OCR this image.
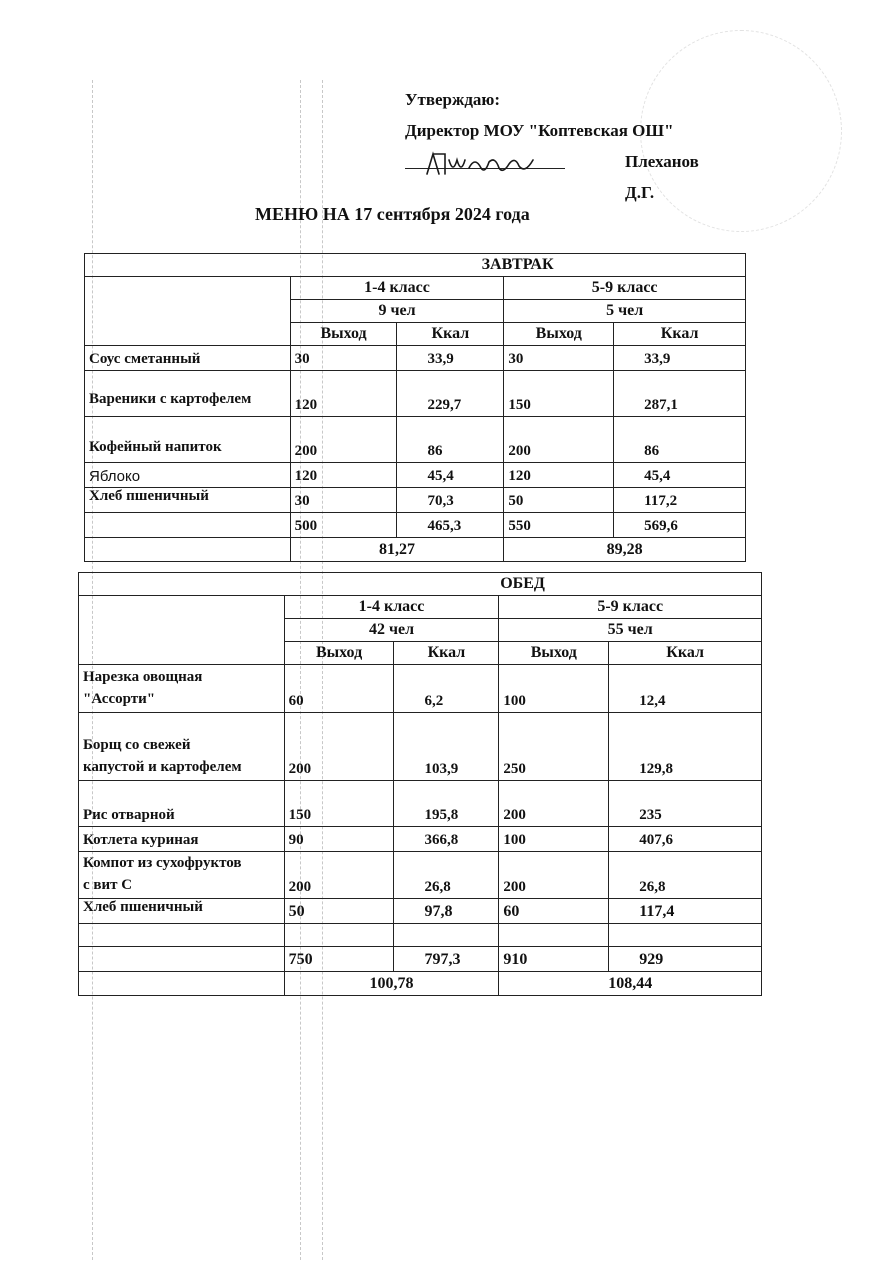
Утверждаю:
Директор МОУ "Коптевская ОШ"
Плеханов Д.Г.
МЕНЮ НА 17 сентября 2024 года
	ЗАВТРАК			
	1-4 класс		5-9 класс	
	9 чел		5 чел	
	Выход	Ккал	Выход	Ккал
Соус сметанный	30	33,9	30	33,9
Вареники с картофелем	120	229,7	150	287,1
Кофейный напиток	200	86	200	86
Яблоко	120	45,4	120	45,4
Хлеб пшеничный	30	70,3	50	117,2
	500	465,3	550	569,6
	81,27		89,28	
	ОБЕД			
	1-4 класс		5-9 класс	
	42 чел		55 чел	
	Выход	Ккал	Выход	Ккал

Нарезка овощная
"Ассорти"	60	6,2	100	12,4

Борщ со свежей
капустой и картофелем	200	103,9	250	129,8
Рис отварной	150	195,8	200	235
Котлета куриная	90	366,8	100	407,6

Компот из сухофруктов
с вит С	200	26,8	200	26,8
Хлеб пшеничный	50	97,8	60	117,4

	750	797,3	910	929
	100,78		108,44	
